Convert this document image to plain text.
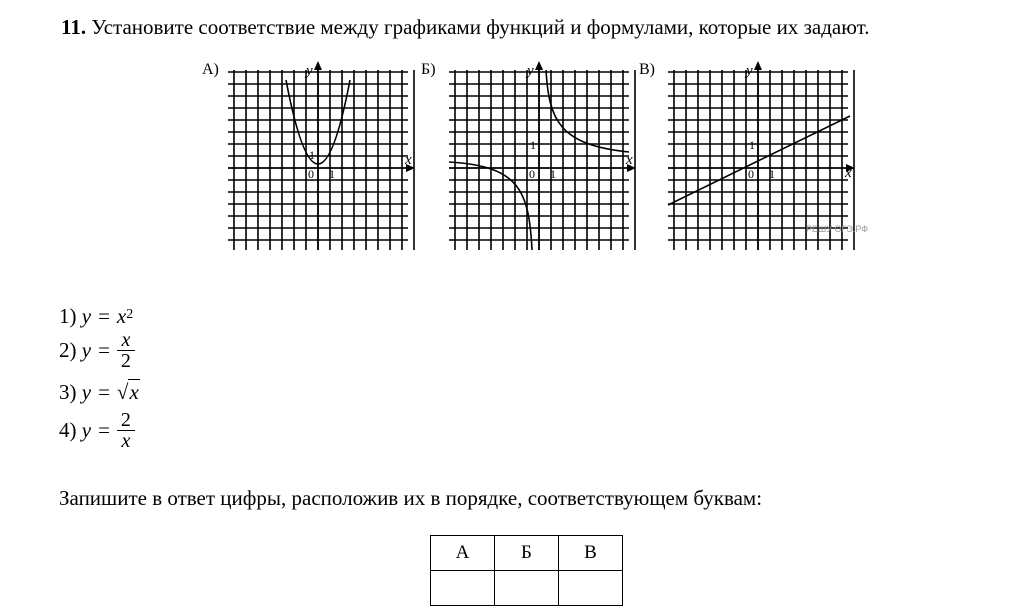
11. Установите соответствие между графиками функций и формулами, которые их задают.
А)	Б)	В)
x
y
0 1
1	x
y
0 1
1
x
y
0 1
1
РЕШУ ОГЭ.РФ
1)
$y = x^2$
2)
$y = \frac{x}{2}$
3)
y = √ x
4)
$y = \frac{2}{x}$
Запишите в ответ цифры, расположив их в порядке, соответствующем буквам:
А	Б	В
